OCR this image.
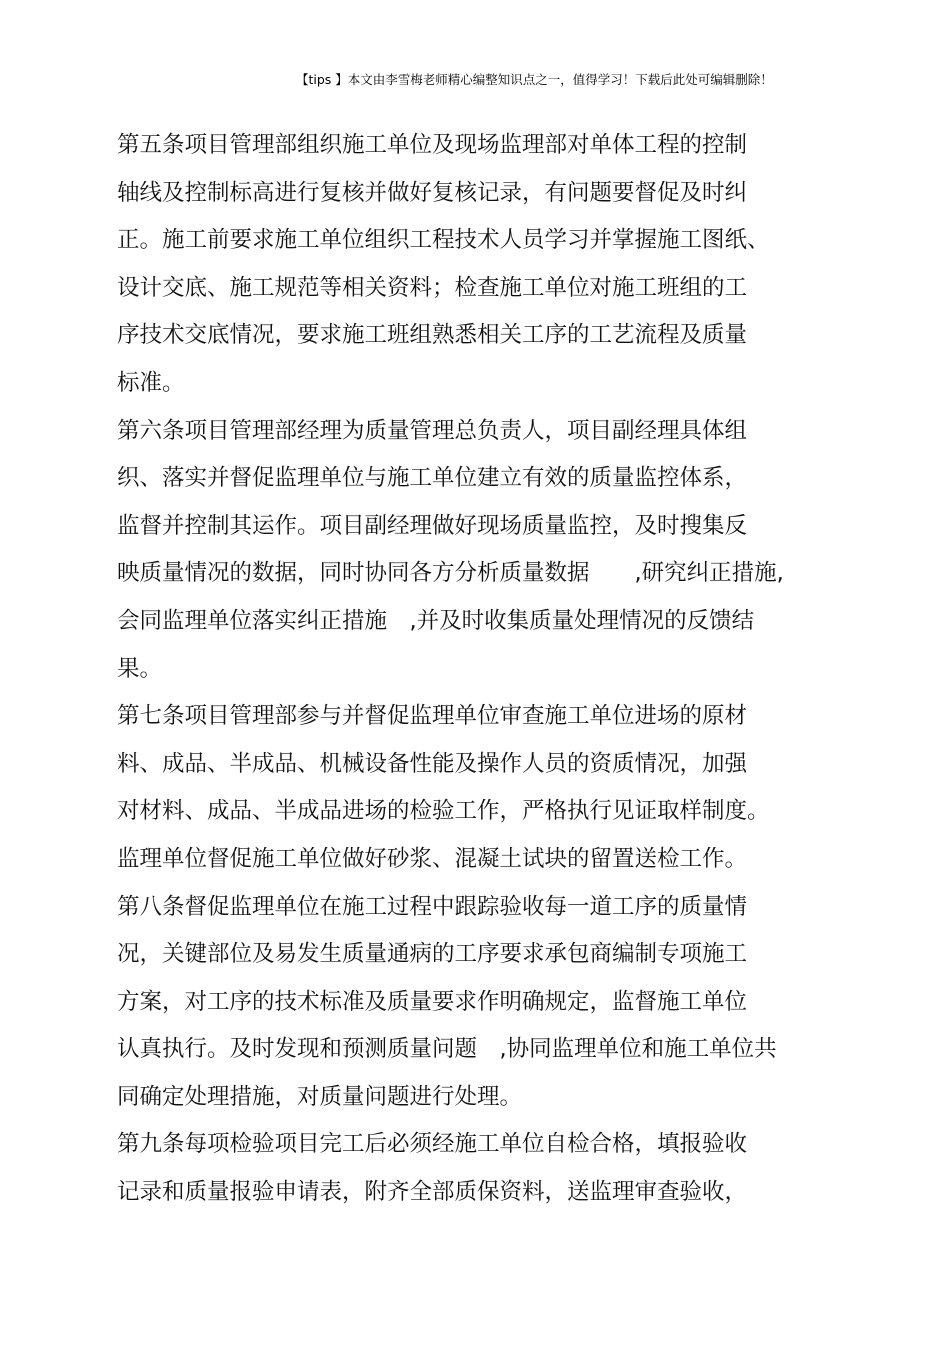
【tips 】本文由李雪梅老师精心编整知识点之一，值得学习！下载后此处可编辑删除！
第五条项目管理部组织施工单位及现场监理部对单体工程的控制
轴线及控制标高进行复核并做好复核记录，有问题要督促及时纠
正。施工前要求施工单位组织工程技术人员学习并掌握施工图纸、
设计交底、施工规范等相关资料；检查施工单位对施工班组的工
序技术交底情况，要求施工班组熟悉相关工序的工艺流程及质量
标准。
第六条项目管理部经理为质量管理总负责人，项目副经理具体组
织、落实并督促监理单位与施工单位建立有效的质量监控体系，
监督并控制其运作。项目副经理做好现场质量监控，及时搜集反
映质量情况的数据，同时协同各方分析质量数据　　,研究纠正措施,
会同监理单位落实纠正措施　,并及时收集质量处理情况的反馈结
果。
第七条项目管理部参与并督促监理单位审查施工单位进场的原材
料、成品、半成品、机械设备性能及操作人员的资质情况，加强
对材料、成品、半成品进场的检验工作，严格执行见证取样制度。
监理单位督促施工单位做好砂浆、混凝土试块的留置送检工作。
第八条督促监理单位在施工过程中跟踪验收每一道工序的质量情
况，关键部位及易发生质量通病的工序要求承包商编制专项施工
方案，对工序的技术标准及质量要求作明确规定，监督施工单位
认真执行。及时发现和预测质量问题　,协同监理单位和施工单位共
同确定处理措施，对质量问题进行处理。
第九条每项检验项目完工后必须经施工单位自检合格，填报验收
记录和质量报验申请表，附齐全部质保资料，送监理审查验收，
